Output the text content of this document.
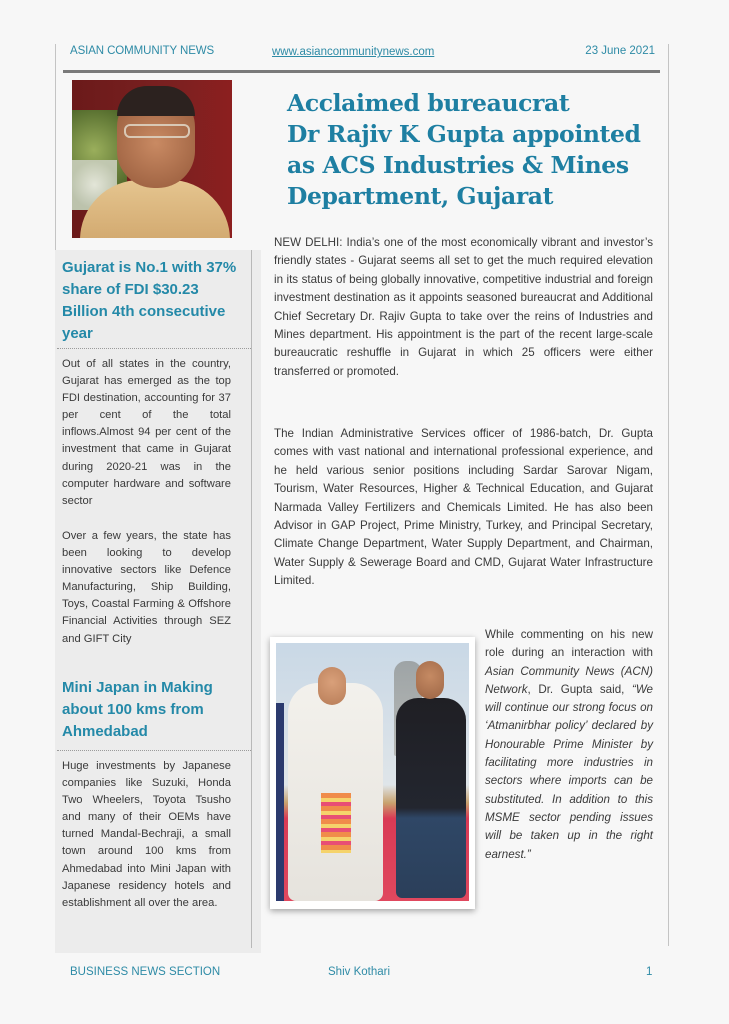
ASIAN COMMUNITY NEWS	www.asiancommunitynews.com	23 June 2021
Acclaimed bureaucrat
Dr Rajiv K Gupta appointed
as ACS Industries & Mines
Department, Gujarat
Gujarat is No.1 with 37% share of FDI $30.23 Billion 4th consecutive year
Out of all states in the country, Gujarat has emerged as the top FDI destination, accounting for 37 per cent of the total inflows.Almost 94 per cent of the investment that came in Gujarat during 2020-21 was in the computer hardware and software sector
Over a few years, the state has been looking to develop innovative sectors like Defence Manufacturing, Ship Building, Toys, Coastal Farming & Offshore Financial Activities through SEZ and GIFT City
Mini Japan in Making about 100 kms from Ahmedabad
Huge investments by Japanese companies like Suzuki, Honda Two Wheelers, Toyota Tsusho and many of their OEMs have turned Mandal-Bechraji, a small town around 100 kms from Ahmedabad into Mini Japan with Japanese residency hotels and establishment all over the area.

NEW DELHI: India’s one of the most economically vibrant and investor’s friendly states - Gujarat seems all set to get the much required elevation in its status of being globally innovative, competitive industrial and foreign investment destination as it appoints seasoned bureaucrat and Additional Chief Secretary Dr. Rajiv Gupta to take over the reins of Industries and Mines department. His appointment is the part of the recent large-scale bureaucratic reshuffle in Gujarat in which 25 officers were either transferred or promoted.

The Indian Administrative Services officer of 1986-batch, Dr. Gupta comes with vast national and international professional experience, and he held various senior positions including Sardar Sarovar Nigam, Tourism, Water Resources, Higher & Technical Education, and Gujarat Narmada Valley Fertilizers and Chemicals Limited. He has also been Advisor in GAP Project, Prime Ministry, Turkey, and Principal Secretary, Climate Change Department, Water Supply Department, and Chairman, Water Supply & Sewerage Board and CMD, Gujarat Water Infrastructure Limited.

While commenting on his new role during an interaction with Asian Community News (ACN) Network, Dr. Gupta said, “We will continue our strong focus on ‘Atmanirbhar policy’ declared by Honourable Prime Minister by facilitating more industries in sectors where imports can be substituted. In addition to this MSME sector pending issues will be taken up in the right earnest.”

BUSINESS NEWS SECTION	Shiv Kothari	1
